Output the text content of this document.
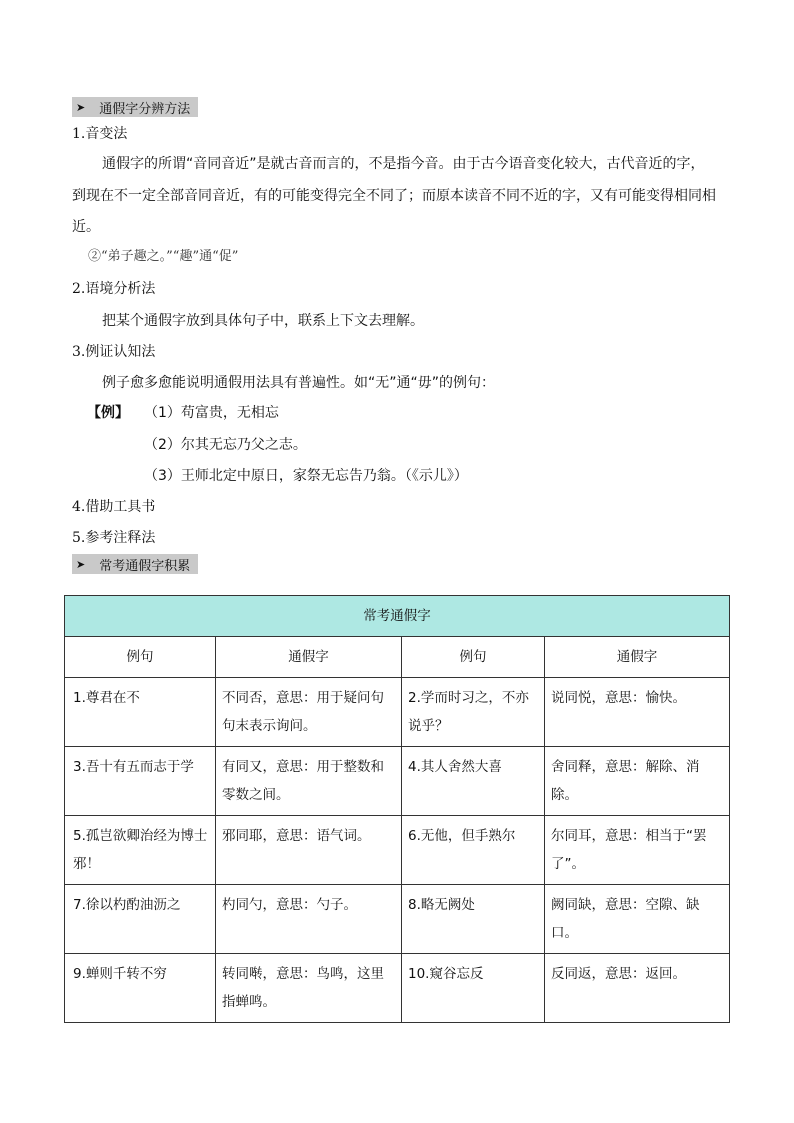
➤ 通假字分辨方法
1.音变法
通假字的所谓“音同音近”是就古音而言的，不是指今音。由于古今语音变化较大，古代音近的字，
到现在不一定全部音同音近，有的可能变得完全不同了；而原本读音不同不近的字，又有可能变得相同相
近。
②“弟子趣之。”“趣”通“促”
2.语境分析法
把某个通假字放到具体句子中，联系上下文去理解。
3.例证认知法
例子愈多愈能说明通假用法具有普遍性。如“无”通“毋”的例句：
【例】 （1）苟富贵，无相忘
（2）尔其无忘乃父之志。
（3）王师北定中原日，家祭无忘告乃翁。（《示儿》）
4.借助工具书
5.参考注释法
➤ 常考通假字积累
常考通假字			
例句	通假字	例句	通假字
1.尊君在不	不同否，意思：用于疑问句句末表示询问。	2.学而时习之，不亦说乎？	说同悦，意思：愉快。
3.吾十有五而志于学	有同又，意思：用于整数和零数之间。	4.其人舍然大喜	舍同释，意思：解除、消除。
5.孤岂欲卿治经为博士邪！	邪同耶，意思：语气词。	6.无他，但手熟尔	尔同耳，意思：相当于“罢了”。
7.徐以杓酌油沥之	杓同勺，意思：勺子。	8.略无阙处	阙同缺，意思：空隙、缺口。
9.蝉则千转不穷	转同啭，意思：鸟鸣，这里指蝉鸣。	10.窥谷忘反	反同返，意思：返回。
